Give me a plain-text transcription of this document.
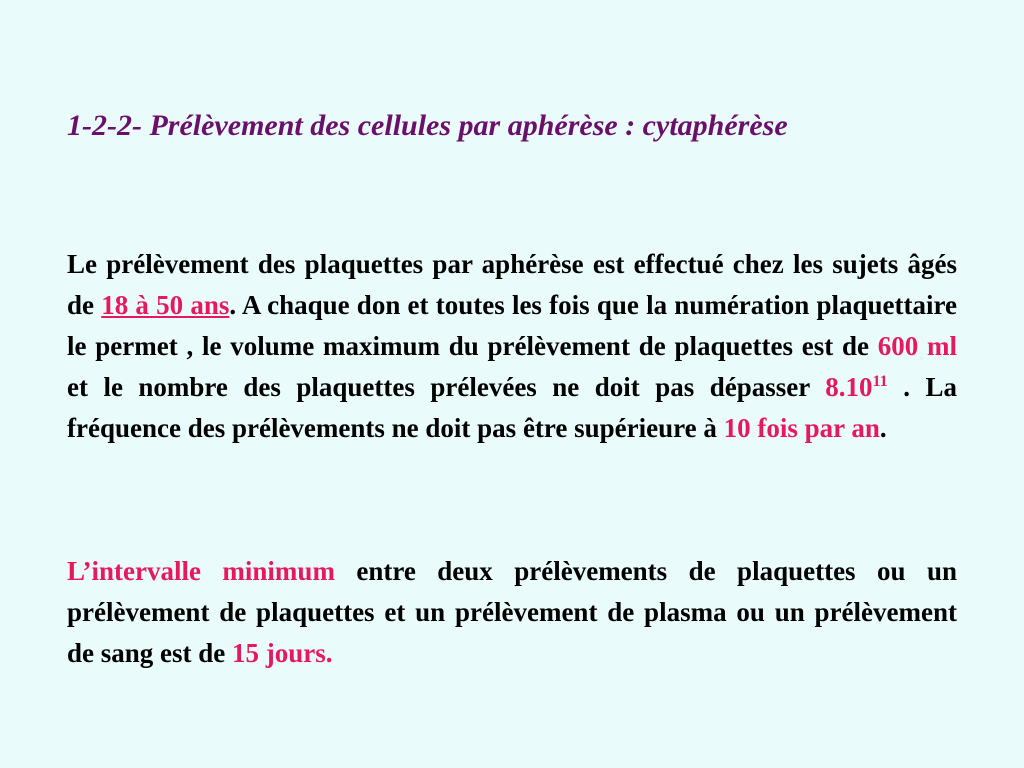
1-2-2- Prélèvement des cellules par aphérèse : cytaphérèse

Le prélèvement des plaquettes par aphérèse est effectué chez les sujets âgés de 18 à 50 ans. A chaque don et toutes les fois que la numération plaquettaire le permet , le volume maximum du prélèvement de plaquettes est de 600 ml et le nombre des plaquettes prélevées ne doit pas dépasser 8.10$^{11}$ . La fréquence des prélèvements ne doit pas être supérieure à 10 fois par an.

L’intervalle minimum entre deux prélèvements de plaquettes ou un prélèvement de plaquettes et un prélèvement de plasma ou un prélèvement de sang est de 15 jours.
